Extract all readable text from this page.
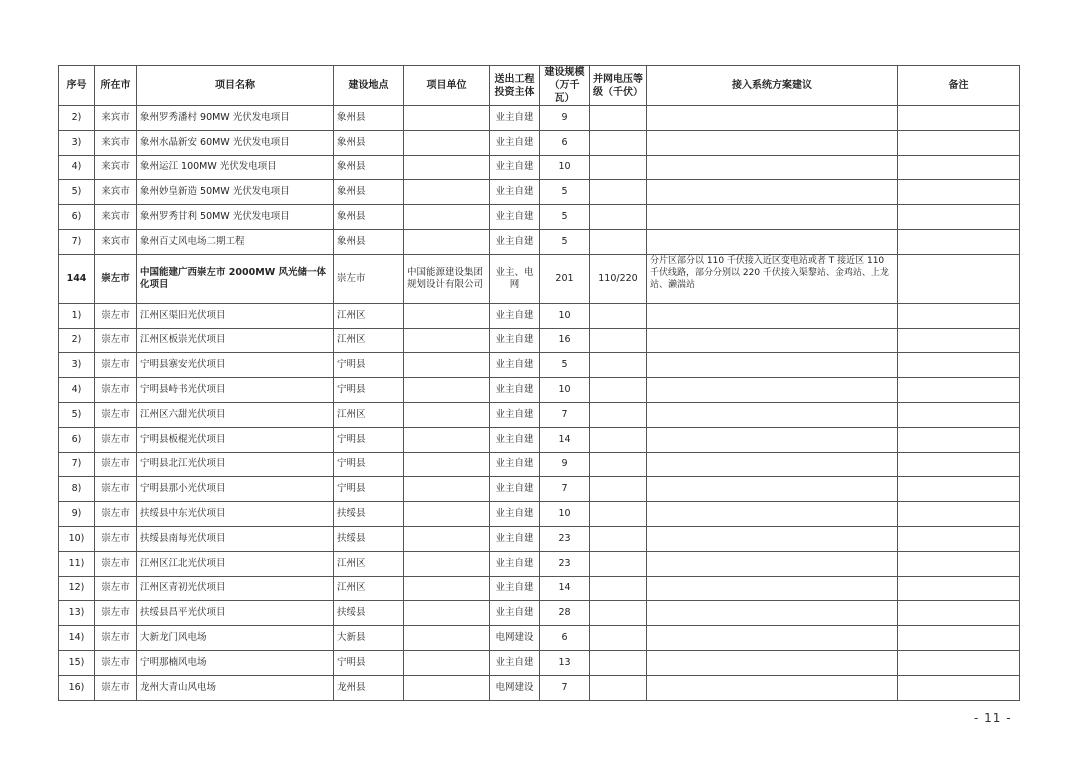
序号	所在市	项目名称	建设地点	项目单位	送出工程投资主体	建设规模（万千瓦）	并网电压等级（千伏）	接入系统方案建议	备注
2)	来宾市	象州罗秀潘村 90MW 光伏发电项目	象州县		业主自建	9			
3)	来宾市	象州水晶新安 60MW 光伏发电项目	象州县		业主自建	6			
4)	来宾市	象州运江 100MW 光伏发电项目	象州县		业主自建	10			
5)	来宾市	象州妙皇新造 50MW 光伏发电项目	象州县		业主自建	5			
6)	来宾市	象州罗秀甘利 50MW 光伏发电项目	象州县		业主自建	5			
7)	来宾市	象州百丈风电场二期工程	象州县		业主自建	5			
144	崇左市	中国能建广西崇左市 2000MW 风光储一体化项目	崇左市	中国能源建设集团规划设计有限公司	业主、电网	201	110/220	分片区部分以 110 千伏接入近区变电站或者 T 接近区 110 千伏线路，部分分别以 220 千伏接入渠黎站、金鸡站、上龙站、濑湍站	
1)	崇左市	江州区渠旧光伏项目	江州区		业主自建	10			
2)	崇左市	江州区板崇光伏项目	江州区		业主自建	16			
3)	崇左市	宁明县寨安光伏项目	宁明县		业主自建	5			
4)	崇左市	宁明县峙书光伏项目	宁明县		业主自建	10			
5)	崇左市	江州区六甜光伏项目	江州区		业主自建	7			
6)	崇左市	宁明县板棍光伏项目	宁明县		业主自建	14			
7)	崇左市	宁明县北江光伏项目	宁明县		业主自建	9			
8)	崇左市	宁明县那小光伏项目	宁明县		业主自建	7			
9)	崇左市	扶绥县中东光伏项目	扶绥县		业主自建	10			
10)	崇左市	扶绥县南每光伏项目	扶绥县		业主自建	23			
11)	崇左市	江州区江北光伏项目	江州区		业主自建	23			
12)	崇左市	江州区青初光伏项目	江州区		业主自建	14			
13)	崇左市	扶绥县昌平光伏项目	扶绥县		业主自建	28			
14)	崇左市	大新龙门风电场	大新县		电网建设	6			
15)	崇左市	宁明那楠风电场	宁明县		业主自建	13			
16)	崇左市	龙州大青山风电场	龙州县		电网建设	7			
- 11 -
